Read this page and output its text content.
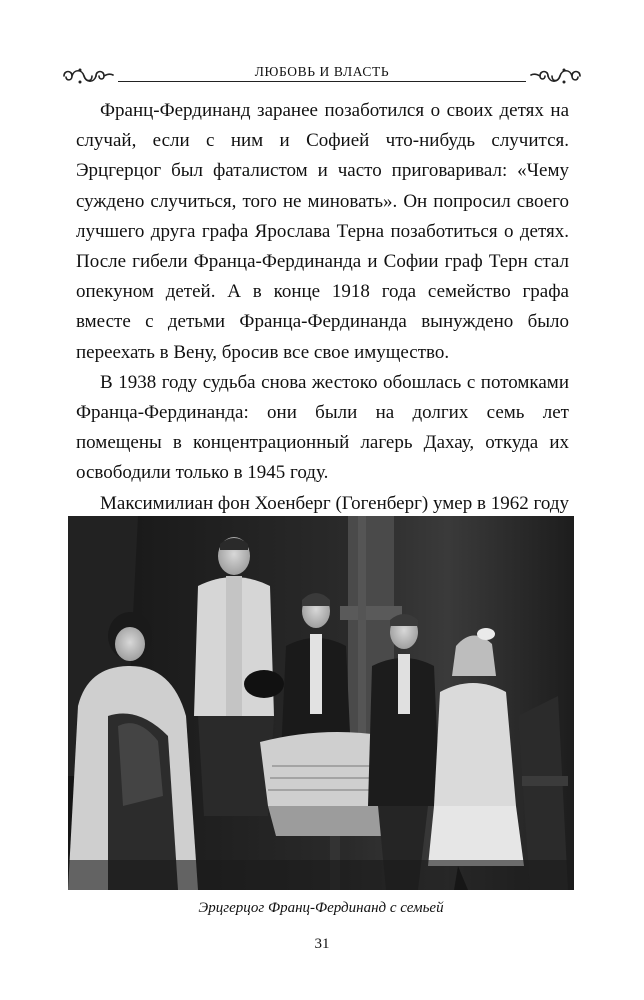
ЛЮБОВЬ И ВЛАСТЬ

Франц-Фердинанд заранее позаботился о своих детях на случай, если с ним и Софией что-нибудь случится. Эрцгерцог был фаталистом и часто приговаривал: «Чему суждено случиться, того не миновать». Он попросил своего лучшего друга графа Ярослава Терна позаботиться о детях. После гибели Франца-Фердинанда и Софии граф Терн стал опекуном детей. А в конце 1918 года семейство графа вместе с детьми Франца-Фердинанда вынуждено было переехать в Вену, бросив все свое имущество.

В 1938 году судьба снова жестоко обошлась с потомками Франца-Фердинанда: они были на долгих семь лет помещены в концентрационный лагерь Дахау, откуда их освободили только в 1945 году.

Максимилиан фон Хоенберг (Гогенберг) умер в 1962 году

Эрцгерцог Франц-Фердинанд с семьей
31
